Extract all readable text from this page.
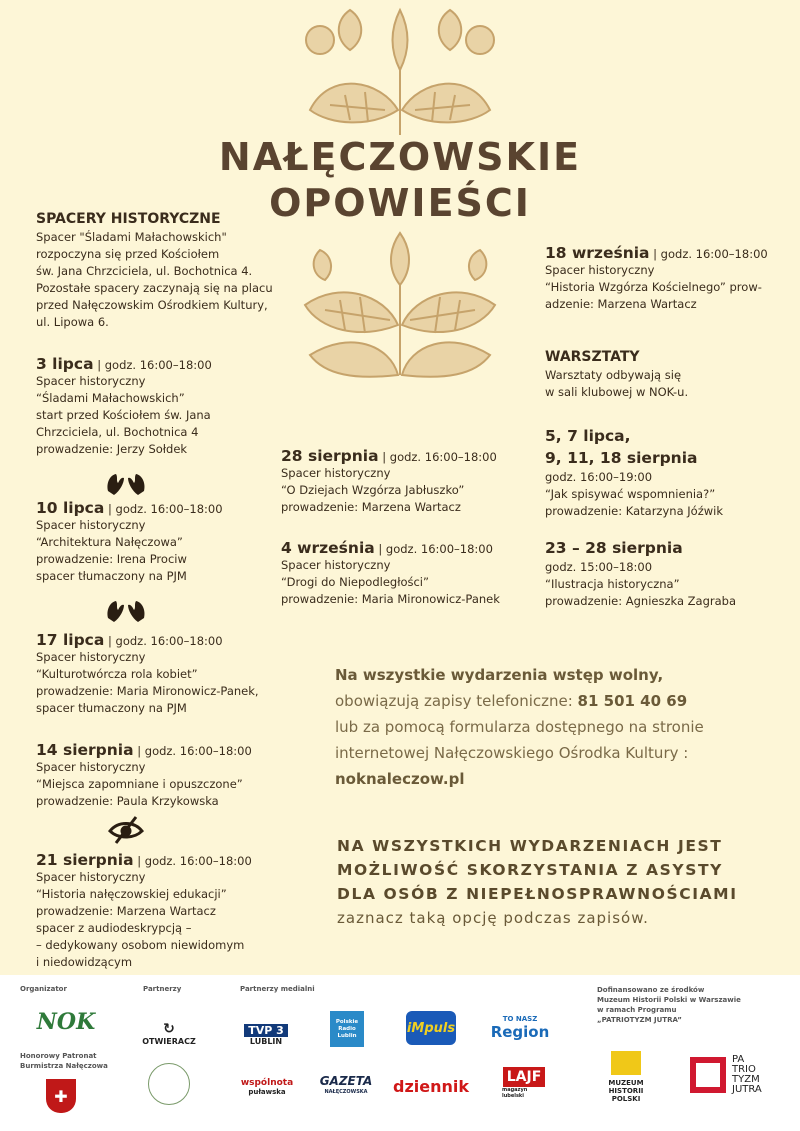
NAŁĘCZOWSKIE
OPOWIEŚCI
SPACERY HISTORYCZNE
Spacer "Śladami Małachowskich"
rozpoczyna się przed Kościołem
św. Jana Chrzciciela, ul. Bochotnica 4.
Pozostałe spacery zaczynają się na placu
przed Nałęczowskim Ośrodkiem Kultury,
ul. Lipowa 6.
3 lipca | godz. 16:00–18:00
Spacer historyczny
“Śladami Małachowskich”
start przed Kościołem św. Jana
Chrzciciela, ul. Bochotnica 4
prowadzenie: Jerzy Sołdek
10 lipca | godz. 16:00–18:00
Spacer historyczny
“Architektura Nałęczowa”
prowadzenie: Irena Prociw
spacer tłumaczony na PJM
17 lipca | godz. 16:00–18:00
Spacer historyczny
“Kulturotwórcza rola kobiet”
prowadzenie: Maria Mironowicz-Panek,
spacer tłumaczony na PJM
14 sierpnia | godz. 16:00–18:00
Spacer historyczny
“Miejsca zapomniane i opuszczone”
prowadzenie: Paula Krzykowska
21 sierpnia | godz. 16:00–18:00
Spacer historyczny
“Historia nałęczowskiej edukacji”
prowadzenie: Marzena Wartacz
spacer z audiodeskrypcją –
– dedykowany osobom niewidomym
i niedowidzącym
28 sierpnia | godz. 16:00–18:00
Spacer historyczny
“O Dziejach Wzgórza Jabłuszko”
prowadzenie: Marzena Wartacz
4 września | godz. 16:00–18:00
Spacer historyczny
“Drogi do Niepodległości”
prowadzenie: Maria Mironowicz-Panek
18 września | godz. 16:00–18:00
Spacer historyczny
“Historia Wzgórza Kościelnego” prow-
adzenie: Marzena Wartacz
WARSZTATY
Warsztaty odbywają się
w sali klubowej w NOK-u.
5, 7 lipca,
9, 11, 18 sierpnia
godz. 16:00–19:00
“Jak spisywać wspomnienia?”
prowadzenie: Katarzyna Jóźwik
23 – 28 sierpnia
godz. 15:00–18:00
“Ilustracja historyczna”
prowadzenie: Agnieszka Zagraba
Na wszystkie wydarzenia wstęp wolny,
obowiązują zapisy telefoniczne: 81 501 40 69
lub za pomocą formularza dostępnego na stronie
internetowej Nałęczowskiego Ośrodka Kultury :
noknaleczow.pl
NA WSZYSTKICH WYDARZENIACH JEST
MOŻLIWOŚĆ SKORZYSTANIA Z ASYSTY
DLA OSÓB Z NIEPEŁNOSPRAWNOŚCIAMI
zaznacz taką opcję podczas zapisów.
Organizator	Partnerzy	Partnerzy medialni
Honorowy Patronat
Burmistrza Nałęczowa
Dofinansowano ze środków
Muzeum Historii Polski w Warszawie
w ramach Programu
„PATRIOTYZM JUTRA”
NOK	↻
OTWIERACZ
TVP 3
LUBLIN
Polskie
Radio
Lublin	iMpuls
TO NASZ
Region
wspólnota
puławska
GAZETA
NAŁĘCZOWSKA dziennik	LAJF
magazyn lubelski
✚
MUZEUM
HISTORII
POLSKI
PA
TRIO
TYZM
JUTRA
